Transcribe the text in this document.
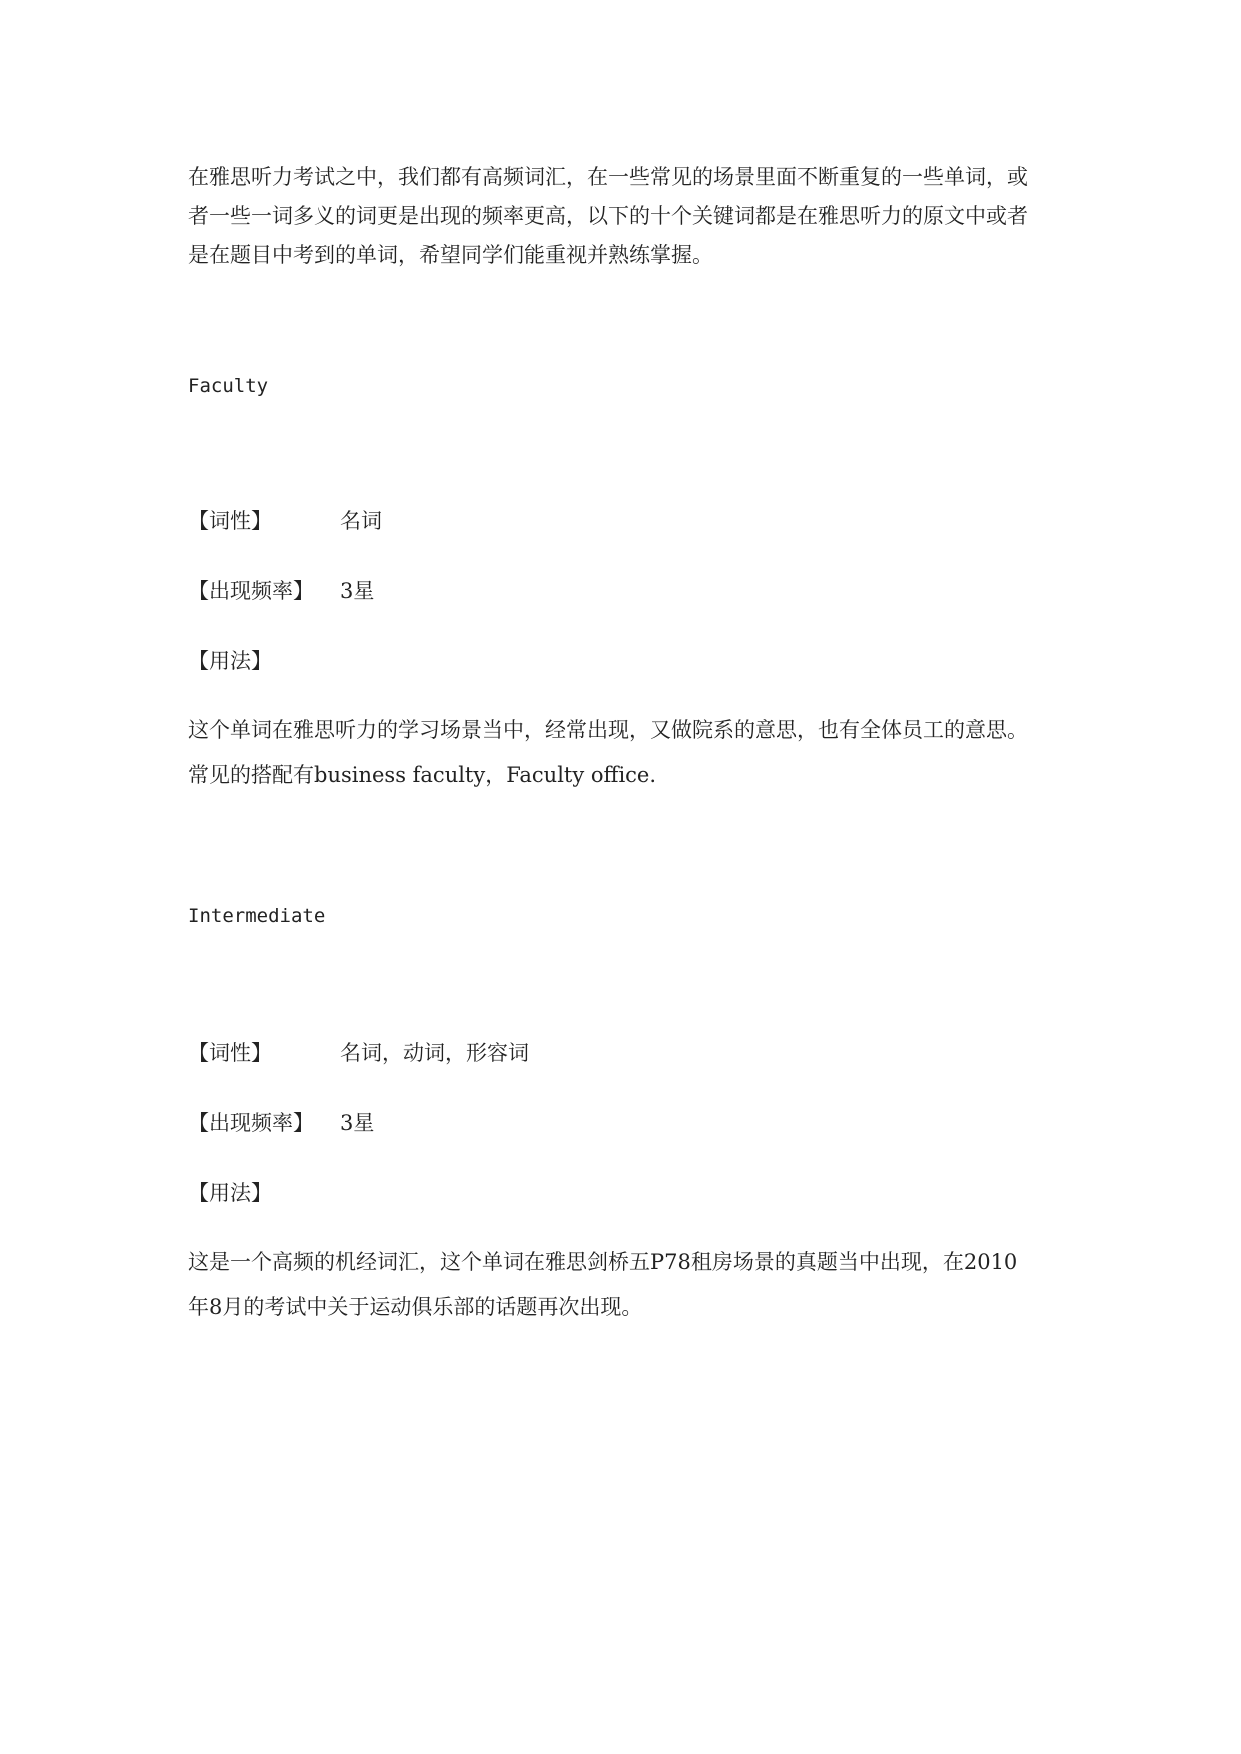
在雅思听力考试之中，我们都有高频词汇，在一些常见的场景里面不断重复的一些单词，或
者一些一词多义的词更是出现的频率更高，以下的十个关键词都是在雅思听力的原文中或者
是在题目中考到的单词，希望同学们能重视并熟练掌握。

Faculty
【词性】	名词
【出现频率】 3星
【用法】

这个单词在雅思听力的学习场景当中，经常出现，又做院系的意思，也有全体员工的意思。
常见的搭配有business faculty，Faculty office.

Intermediate
【词性】	名词，动词，形容词
【出现频率】 3星
【用法】

这是一个高频的机经词汇，这个单词在雅思剑桥五P78租房场景的真题当中出现，在2010
年8月的考试中关于运动俱乐部的话题再次出现。
